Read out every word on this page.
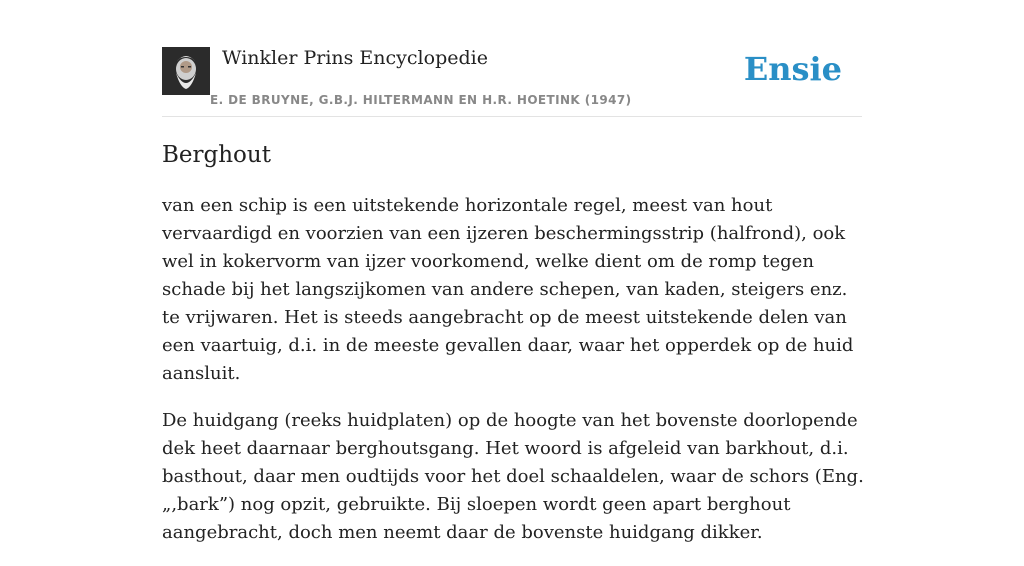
Winkler Prins Encyclopedie
E. DE BRUYNE, G.B.J. HILTERMANN EN H.R. HOETINK (1947)
Ensie
Berghout

van een schip is een uitstekende horizontale regel, meest van hout vervaardigd en voorzien van een ijzeren beschermingsstrip (halfrond), ook wel in kokervorm van ijzer voorkomend, welke dient om de romp tegen schade bij het langszijkomen van andere schepen, van kaden, steigers enz. te vrijwaren. Het is steeds aangebracht op de meest uitstekende delen van een vaartuig, d.i. in de meeste gevallen daar, waar het opperdek op de huid aansluit.

De huidgang (reeks huidplaten) op de hoogte van het bovenste doorlopende dek heet daarnaar berghoutsgang. Het woord is afgeleid van barkhout, d.i. basthout, daar men oudtijds voor het doel schaaldelen, waar de schors (Eng. „,bark”) nog opzit, gebruikte. Bij sloepen wordt geen apart berghout aangebracht, doch men neemt daar de bovenste huidgang dikker.
